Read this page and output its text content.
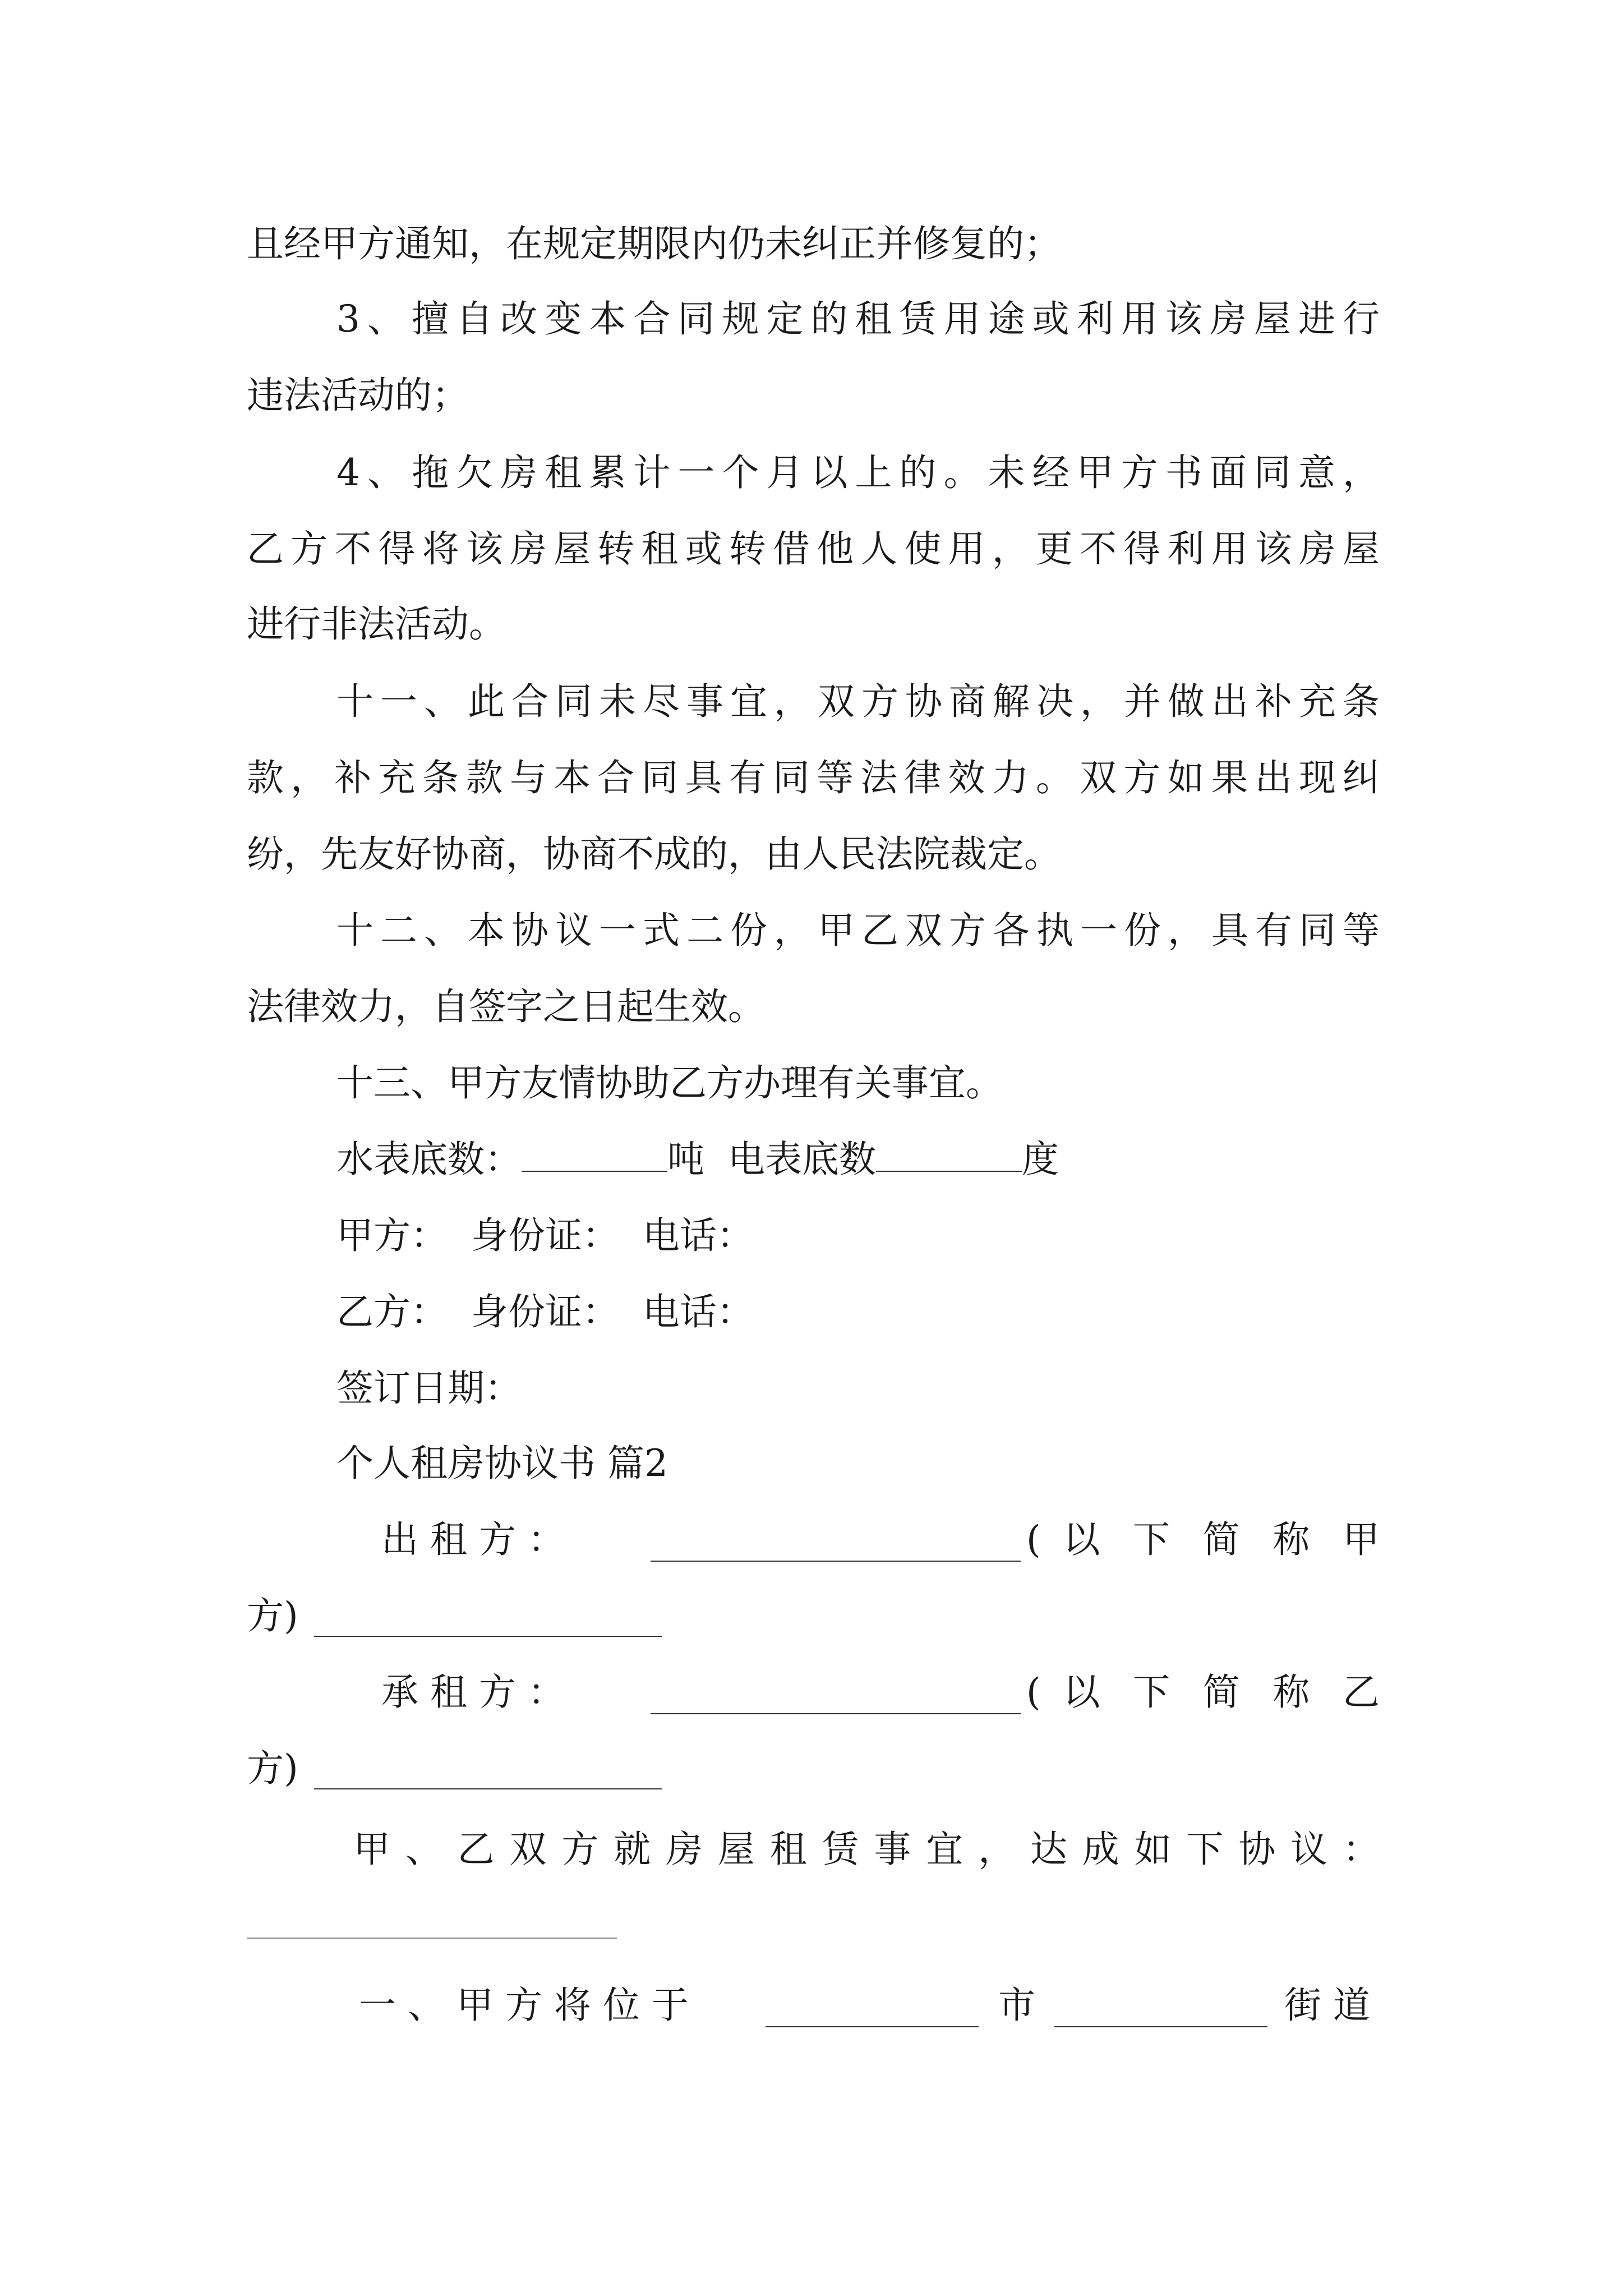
且经甲方通知，在规定期限内仍未纠正并修复的；
3、擅自改变本合同规定的租赁用途或利用该房屋进行
违法活动的；
4、拖欠房租累计一个月以上的。未经甲方书面同意，
乙方不得将该房屋转租或转借他人使用，更不得利用该房屋
进行非法活动。
十一、此合同未尽事宜，双方协商解决，并做出补充条
款，补充条款与本合同具有同等法律效力。双方如果出现纠
纷，先友好协商，协商不成的，由人民法院裁定。
十二、本协议一式二份，甲乙双方各执一份，具有同等
法律效力，自签字之日起生效。
十三、甲方友情协助乙方办理有关事宜。
水表底数：	吨 电表底数	度
甲方：  身份证：  电话：
乙方：  身份证：  电话：
签订日期：
个人租房协议书 篇2
出 租 方 ：	( 以 下 简 称 甲
方)
承 租 方 ：	( 以 下 简 称 乙
方)
甲、乙双方就房屋租赁事宜，达成如下协议：
一 、 甲 方 将 位 于	市	街 道
